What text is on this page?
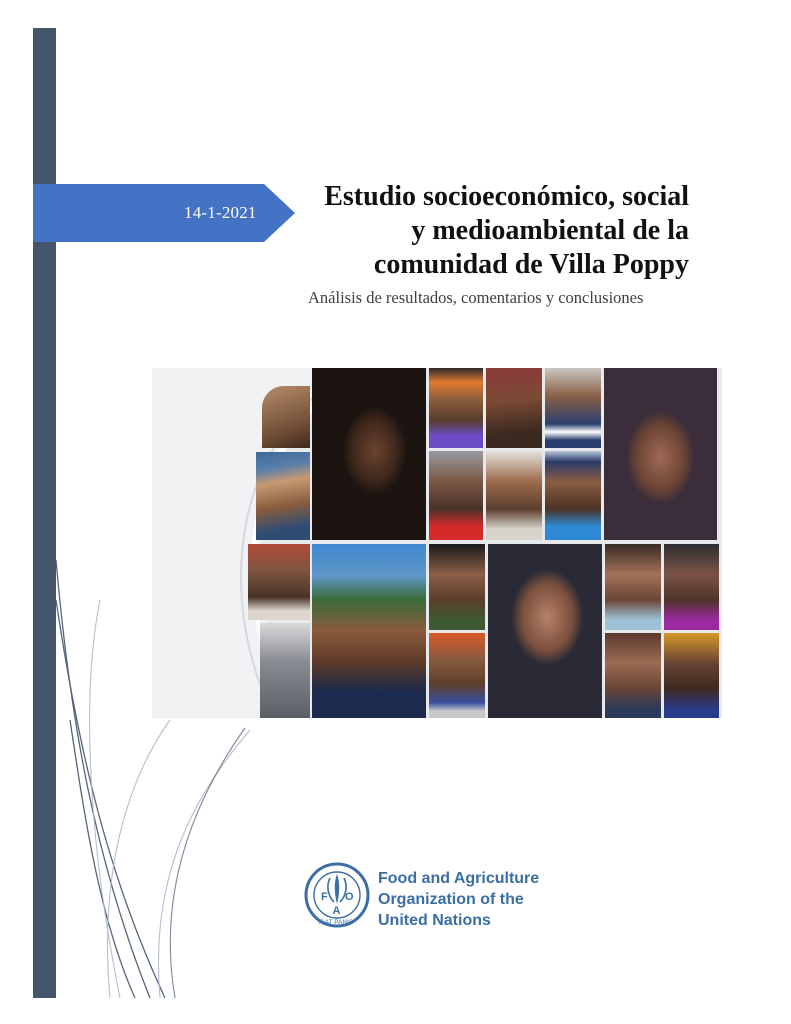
14-1-2021
Estudio socioeconómico, social
y medioambiental de la
comunidad de Villa Poppy
Análisis de resultados, comentarios y conclusiones
F
A
O
FIAT PANIS
Food and Agriculture
Organization of the
United Nations
